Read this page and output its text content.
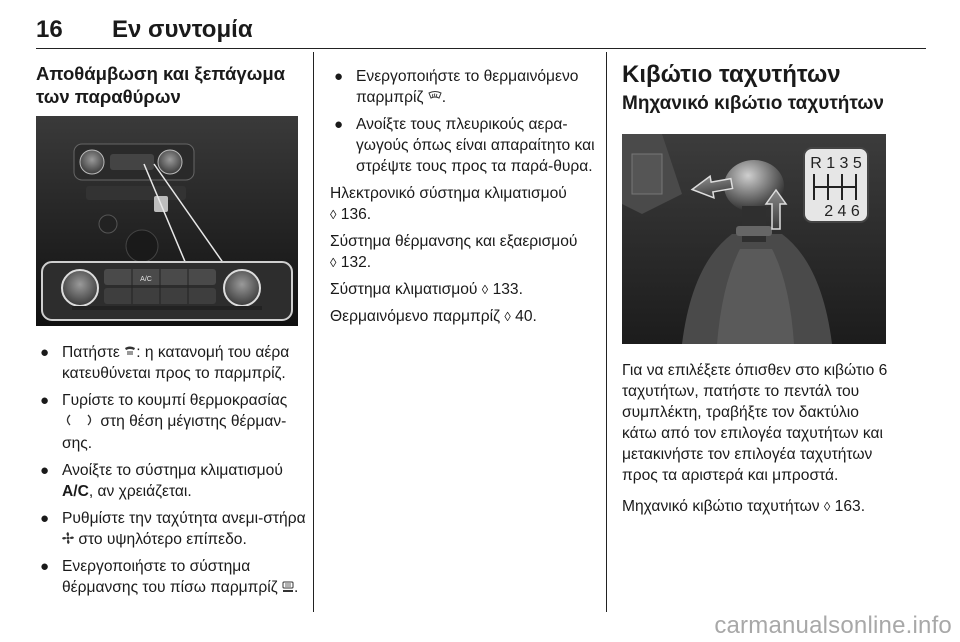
16 Εν συντομία
Αποθάμβωση και ξεπάγωμα των παραθύρων
A/C
● Πατήστε : η κατανομή του αέρα κατευθύνεται προς το παρμπρίζ.
● Γυρίστε το κουμπί θερμοκρασίας  στη θέση μέγιστης θέρμαν-σης.
● Ανοίξτε το σύστημα κλιματισμού A/C, αν χρειάζεται.
● Ρυθμίστε την ταχύτητα ανεμι-στήρα  στο υψηλότερο επίπεδο.
● Ενεργοποιήστε το σύστημα θέρμανσης του πίσω παρμπρίζ .
● Ενεργοποιήστε το θερμαινόμενο παρμπρίζ .
● Ανοίξτε τους πλευρικούς αερα-γωγούς όπως είναι απαραίτητο και στρέψτε τους προς τα παρά-θυρα.

Ηλεκτρονικό σύστημα κλιματισμού
◊ 136.

Σύστημα θέρμανσης και εξαερισμού
◊ 132.

Σύστημα κλιματισμού ◊ 133.

Θερμαινόμενο παρμπρίζ ◊ 40.

Κιβώτιο ταχυτήτων
Μηχανικό κιβώτιο ταχυτήτων
R 1 3 5
2 4 6

Για να επιλέξετε όπισθεν στο κιβώτιο 6 ταχυτήτων, πατήστε το πεντάλ του συμπλέκτη, τραβήξτε τον δακτύλιο κάτω από τον επιλογέα ταχυτήτων και μετακινήστε τον επιλογέα ταχυτήτων προς τα αριστερά και μπροστά.

Μηχανικό κιβώτιο ταχυτήτων ◊ 163.

carmanualsonline.info
